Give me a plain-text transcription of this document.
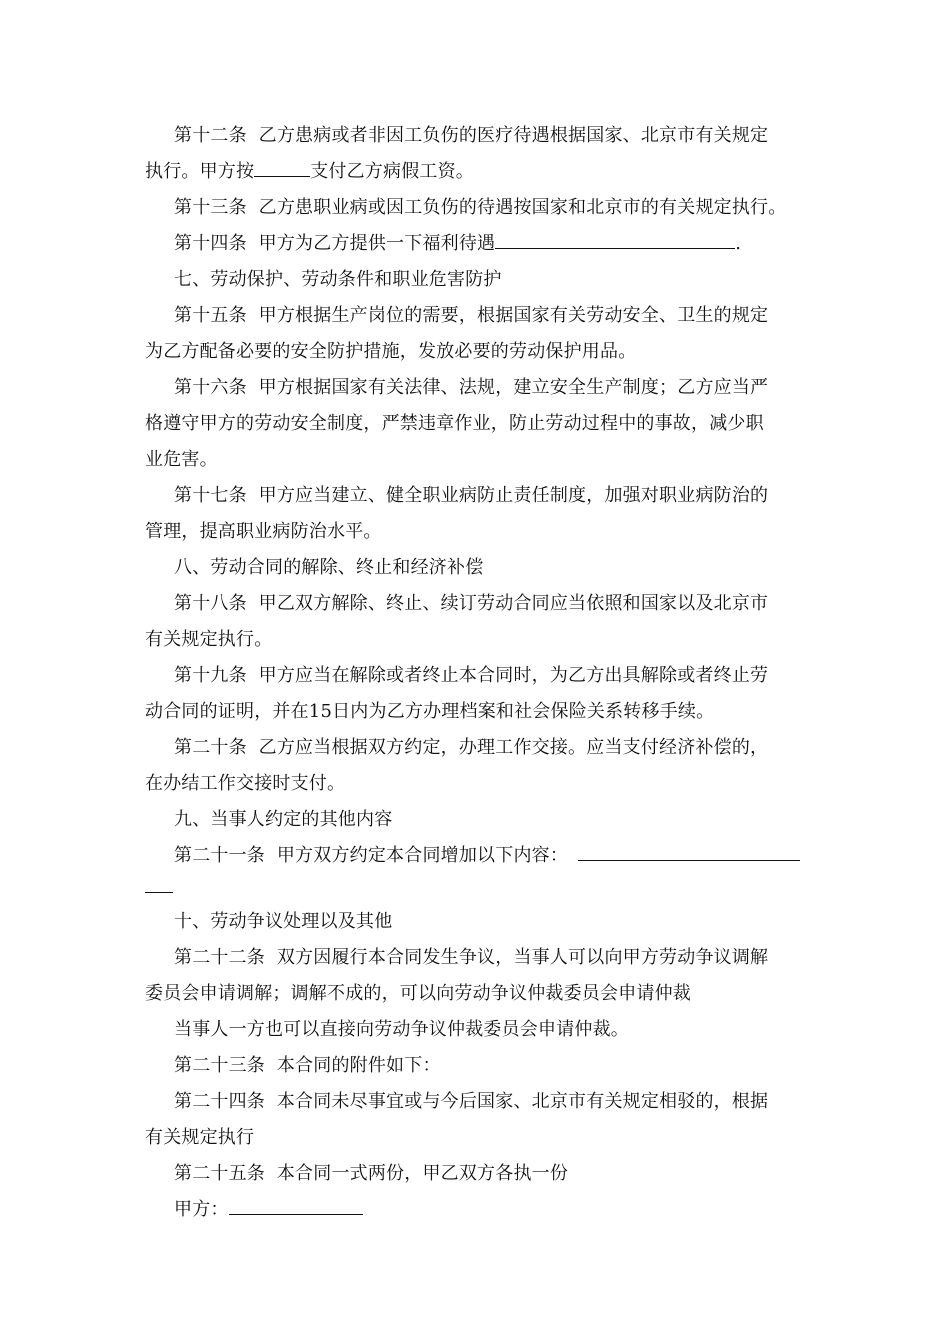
第十二条  乙方患病或者非因工负伤的医疗待遇根据国家、北京市有关规定
执行。甲方按	支付乙方病假工资。
第十三条  乙方患职业病或因工负伤的待遇按国家和北京市的有关规定执行。
第十四条  甲方为乙方提供一下福利待遇	.
七、劳动保护、劳动条件和职业危害防护
第十五条  甲方根据生产岗位的需要，根据国家有关劳动安全、卫生的规定
为乙方配备必要的安全防护措施，发放必要的劳动保护用品。
第十六条  甲方根据国家有关法律、法规，建立安全生产制度；乙方应当严
格遵守甲方的劳动安全制度，严禁违章作业，防止劳动过程中的事故，减少职
业危害。
第十七条  甲方应当建立、健全职业病防止责任制度，加强对职业病防治的
管理，提高职业病防治水平。
八、劳动合同的解除、终止和经济补偿
第十八条  甲乙双方解除、终止、续订劳动合同应当依照和国家以及北京市
有关规定执行。
第十九条  甲方应当在解除或者终止本合同时，为乙方出具解除或者终止劳
动合同的证明，并在15日内为乙方办理档案和社会保险关系转移手续。
第二十条  乙方应当根据双方约定，办理工作交接。应当支付经济补偿的，
在办结工作交接时支付。
九、当事人约定的其他内容
第二十一条  甲方双方约定本合同增加以下内容：
十、劳动争议处理以及其他
第二十二条  双方因履行本合同发生争议，当事人可以向甲方劳动争议调解
委员会申请调解；调解不成的，可以向劳动争议仲裁委员会申请仲裁
当事人一方也可以直接向劳动争议仲裁委员会申请仲裁。
第二十三条  本合同的附件如下：
第二十四条  本合同未尽事宜或与今后国家、北京市有关规定相驳的，根据
有关规定执行
第二十五条  本合同一式两份，甲乙双方各执一份
甲方：
